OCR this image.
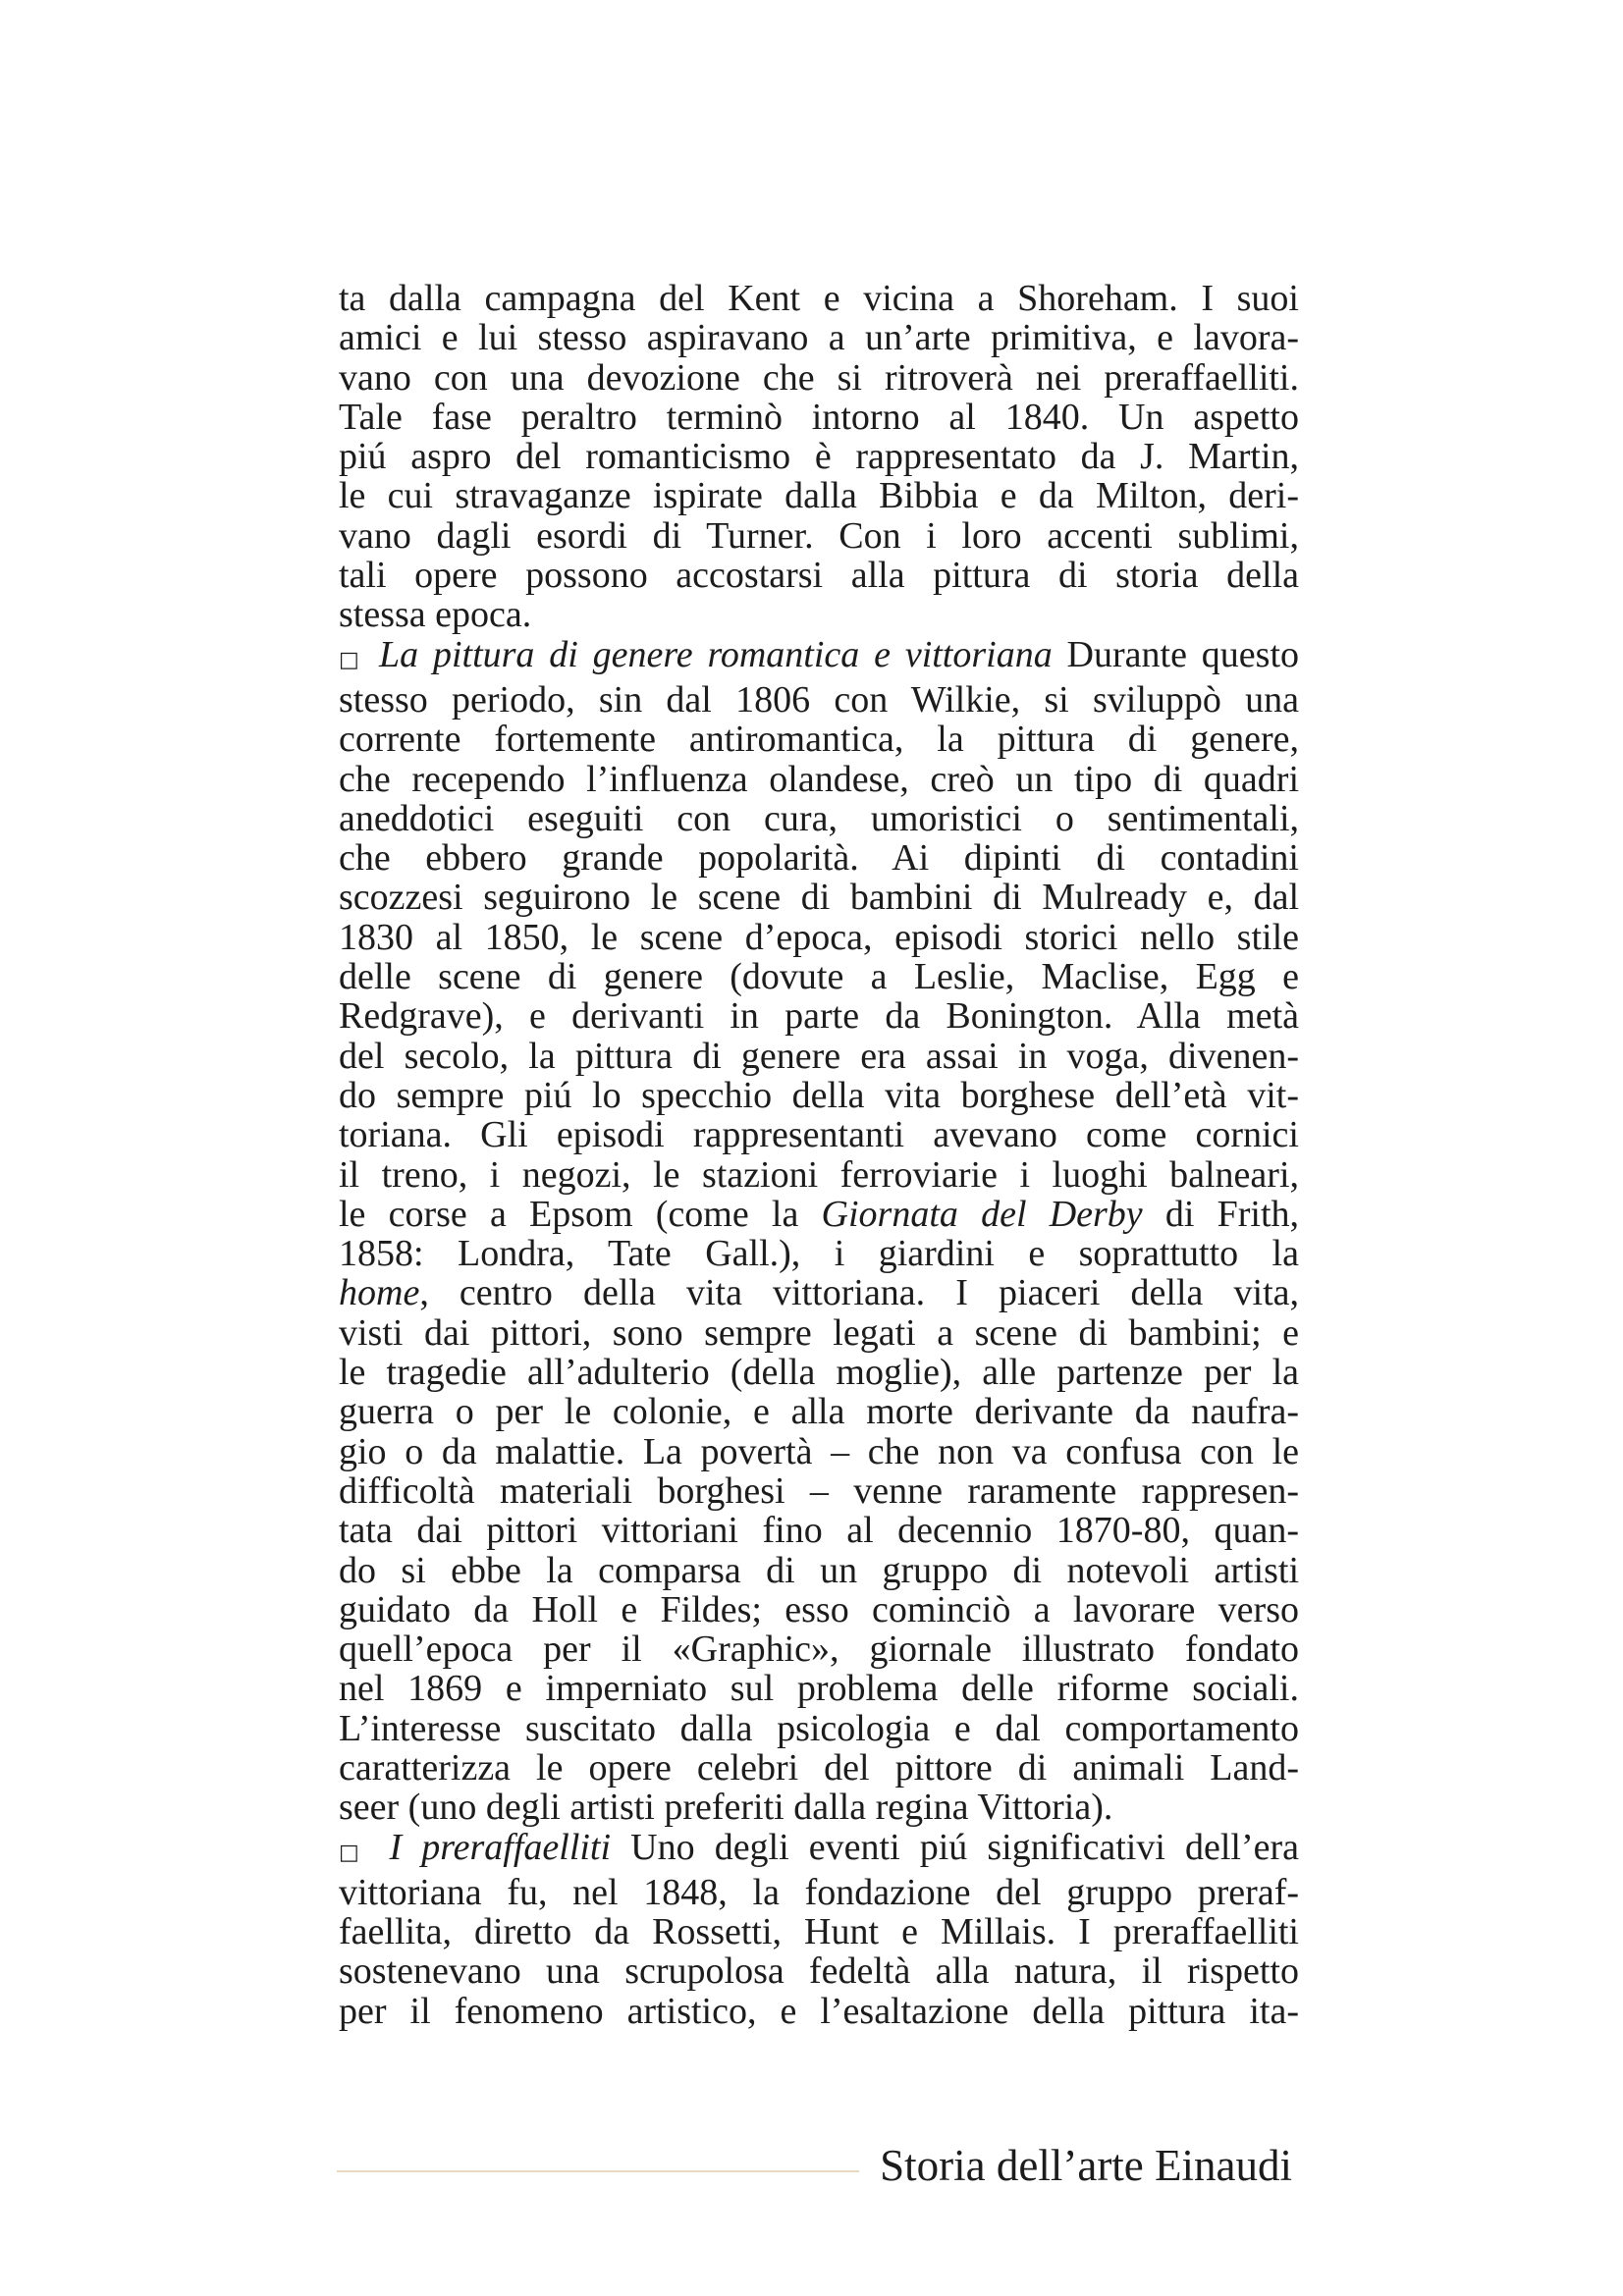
ta dalla campagna del Kent e vicina a Shoreham. I suoi
amici e lui stesso aspiravano a un’arte primitiva, e lavora-
vano con una devozione che si ritroverà nei preraffaelliti.
Tale fase peraltro terminò intorno al 1840. Un aspetto
piú aspro del romanticismo è rappresentato da J. Martin,
le cui stravaganze ispirate dalla Bibbia e da Milton, deri-
vano dagli esordi di Turner. Con i loro accenti sublimi,
tali opere possono accostarsi alla pittura di storia della
stessa epoca.
□ La pittura di genere romantica e vittoriana Durante questo
stesso periodo, sin dal 1806 con Wilkie, si sviluppò una
corrente fortemente antiromantica, la pittura di genere,
che recependo l’influenza olandese, creò un tipo di quadri
aneddotici eseguiti con cura, umoristici o sentimentali,
che ebbero grande popolarità. Ai dipinti di contadini
scozzesi seguirono le scene di bambini di Mulready e, dal
1830 al 1850, le scene d’epoca, episodi storici nello stile
delle scene di genere (dovute a Leslie, Maclise, Egg e
Redgrave), e derivanti in parte da Bonington. Alla metà
del secolo, la pittura di genere era assai in voga, divenen-
do sempre piú lo specchio della vita borghese dell’età vit-
toriana. Gli episodi rappresentanti avevano come cornici
il treno, i negozi, le stazioni ferroviarie i luoghi balneari,
le corse a Epsom (come la Giornata del Derby di Frith,
1858: Londra, Tate Gall.), i giardini e soprattutto la
home, centro della vita vittoriana. I piaceri della vita,
visti dai pittori, sono sempre legati a scene di bambini; e
le tragedie all’adulterio (della moglie), alle partenze per la
guerra o per le colonie, e alla morte derivante da naufra-
gio o da malattie. La povertà – che non va confusa con le
difficoltà materiali borghesi – venne raramente rappresen-
tata dai pittori vittoriani fino al decennio 1870-80, quan-
do si ebbe la comparsa di un gruppo di notevoli artisti
guidato da Holl e Fildes; esso cominciò a lavorare verso
quell’epoca per il «Graphic», giornale illustrato fondato
nel 1869 e imperniato sul problema delle riforme sociali.
L’interesse suscitato dalla psicologia e dal comportamento
caratterizza le opere celebri del pittore di animali Land-
seer (uno degli artisti preferiti dalla regina Vittoria).
□ I preraffaelliti Uno degli eventi piú significativi dell’era
vittoriana fu, nel 1848, la fondazione del gruppo preraf-
faellita, diretto da Rossetti, Hunt e Millais. I preraffaelliti
sostenevano una scrupolosa fedeltà alla natura, il rispetto
per il fenomeno artistico, e l’esaltazione della pittura ita-
Storia dell’arte Einaudi
